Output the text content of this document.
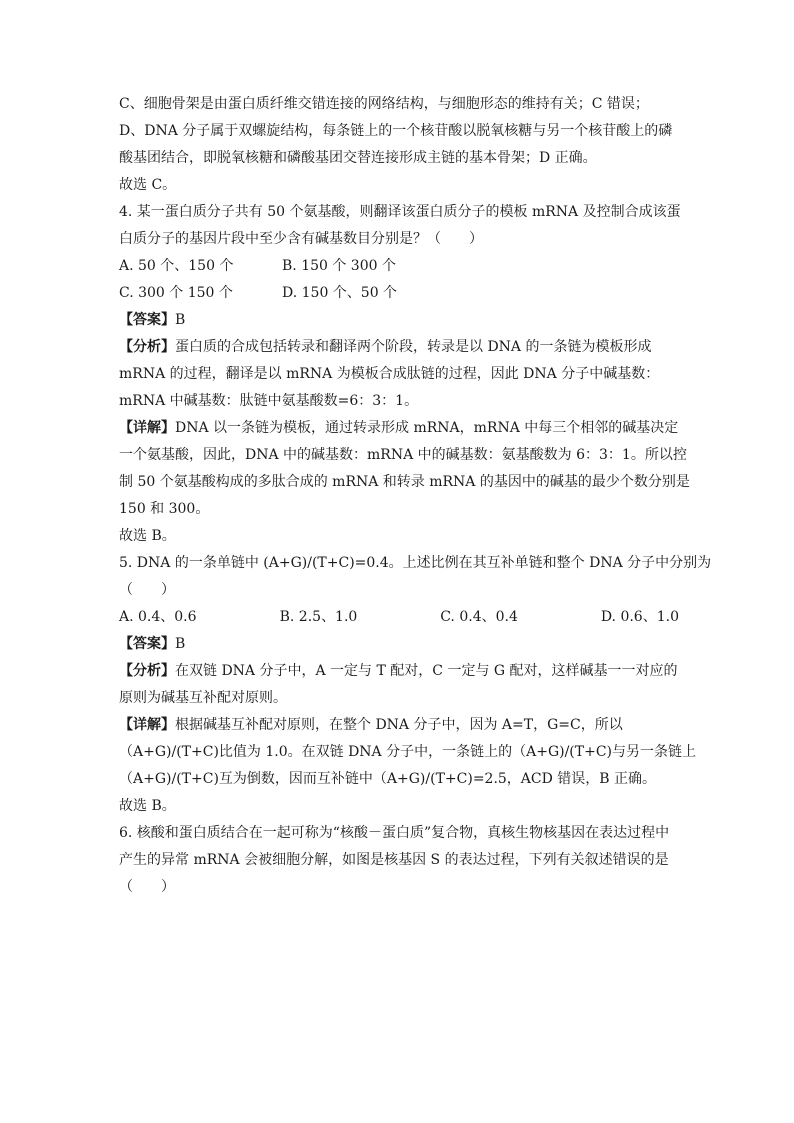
C、细胞骨架是由蛋白质纤维交错连接的网络结构，与细胞形态的维持有关；C 错误；
D、DNA 分子属于双螺旋结构，每条链上的一个核苷酸以脱氧核糖与另一个核苷酸上的磷
酸基团结合，即脱氧核糖和磷酸基团交替连接形成主链的基本骨架；D 正确。
故选 C。
4. 某一蛋白质分子共有 50 个氨基酸，则翻译该蛋白质分子的模板 mRNA 及控制合成该蛋
白质分子的基因片段中至少含有碱基数目分别是？（　　）
A. 50 个、150 个	B. 150 个 300 个
C. 300 个 150 个	D. 150 个、50 个
【答案】B
【分析】蛋白质的合成包括转录和翻译两个阶段，转录是以 DNA 的一条链为模板形成
mRNA 的过程，翻译是以 mRNA 为模板合成肽链的过程，因此 DNA 分子中碱基数：
mRNA 中碱基数：肽链中氨基酸数=6：3：1。
【详解】DNA 以一条链为模板，通过转录形成 mRNA，mRNA 中每三个相邻的碱基决定
一个氨基酸，因此，DNA 中的碱基数：mRNA 中的碱基数：氨基酸数为 6：3：1。所以控
制 50 个氨基酸构成的多肽合成的 mRNA 和转录 mRNA 的基因中的碱基的最少个数分别是
150 和 300。
故选 B。
5. DNA 的一条单链中 (A+G)/(T+C)=0.4。上述比例在其互补单链和整个 DNA 分子中分别为
（　　）
A. 0.4、0.6	B. 2.5、1.0	C. 0.4、0.4	D. 0.6、1.0
【答案】B
【分析】在双链 DNA 分子中，A 一定与 T 配对，C 一定与 G 配对，这样碱基一一对应的
原则为碱基互补配对原则。
【详解】根据碱基互补配对原则，在整个 DNA 分子中，因为 A=T，G=C，所以
（A+G)/(T+C)比值为 1.0。在双链 DNA 分子中，一条链上的（A+G)/(T+C)与另一条链上
（A+G)/(T+C)互为倒数，因而互补链中（A+G)/(T+C)=2.5，ACD 错误，B 正确。
故选 B。
6. 核酸和蛋白质结合在一起可称为“核酸－蛋白质”复合物，真核生物核基因在表达过程中
产生的异常 mRNA 会被细胞分解，如图是核基因 S 的表达过程，下列有关叙述错误的是
（　　）
